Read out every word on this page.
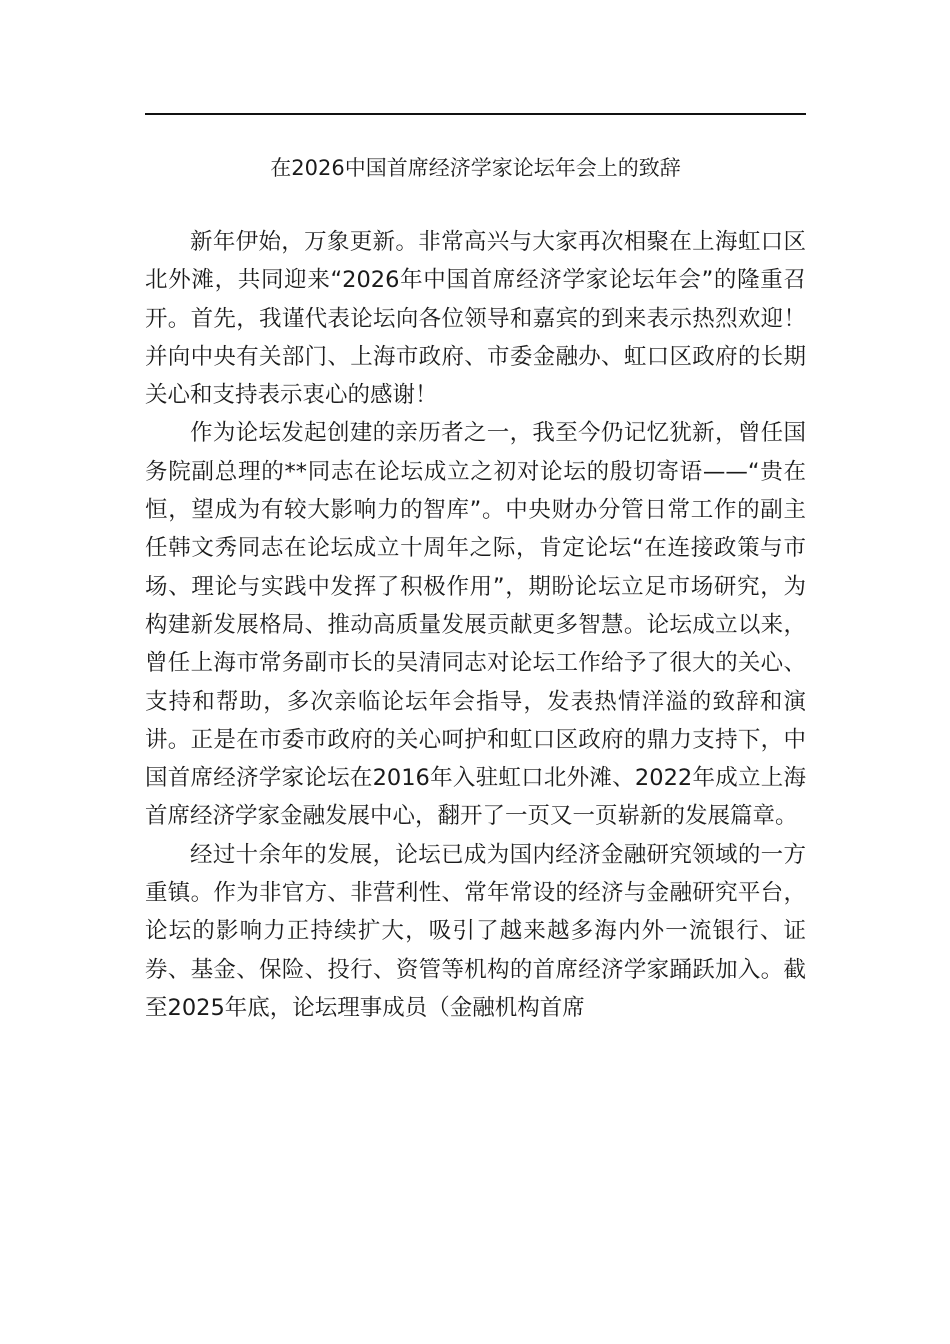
在2026中国首席经济学家论坛年会上的致辞

新年伊始，万象更新。非常高兴与大家再次相聚在上海虹口区北外滩，共同迎来“2026年中国首席经济学家论坛年会”的隆重召开。首先，我谨代表论坛向各位领导和嘉宾的到来表示热烈欢迎！并向中央有关部门、上海市政府、市委金融办、虹口区政府的长期关心和支持表示衷心的感谢！

作为论坛发起创建的亲历者之一，我至今仍记忆犹新，曾任国务院副总理的**同志在论坛成立之初对论坛的殷切寄语——“贵在恒，望成为有较大影响力的智库”。中央财办分管日常工作的副主任韩文秀同志在论坛成立十周年之际，肯定论坛“在连接政策与市场、理论与实践中发挥了积极作用”，期盼论坛立足市场研究，为构建新发展格局、推动高质量发展贡献更多智慧。论坛成立以来，曾任上海市常务副市长的吴清同志对论坛工作给予了很大的关心、支持和帮助，多次亲临论坛年会指导，发表热情洋溢的致辞和演讲。正是在市委市政府的关心呵护和虹口区政府的鼎力支持下，中国首席经济学家论坛在2016年入驻虹口北外滩、2022年成立上海首席经济学家金融发展中心，翻开了一页又一页崭新的发展篇章。

经过十余年的发展，论坛已成为国内经济金融研究领域的一方重镇。作为非官方、非营利性、常年常设的经济与金融研究平台，论坛的影响力正持续扩大，吸引了越来越多海内外一流银行、证券、基金、保险、投行、资管等机构的首席经济学家踊跃加入。截至2025年底，论坛理事成员（金融机构首席
